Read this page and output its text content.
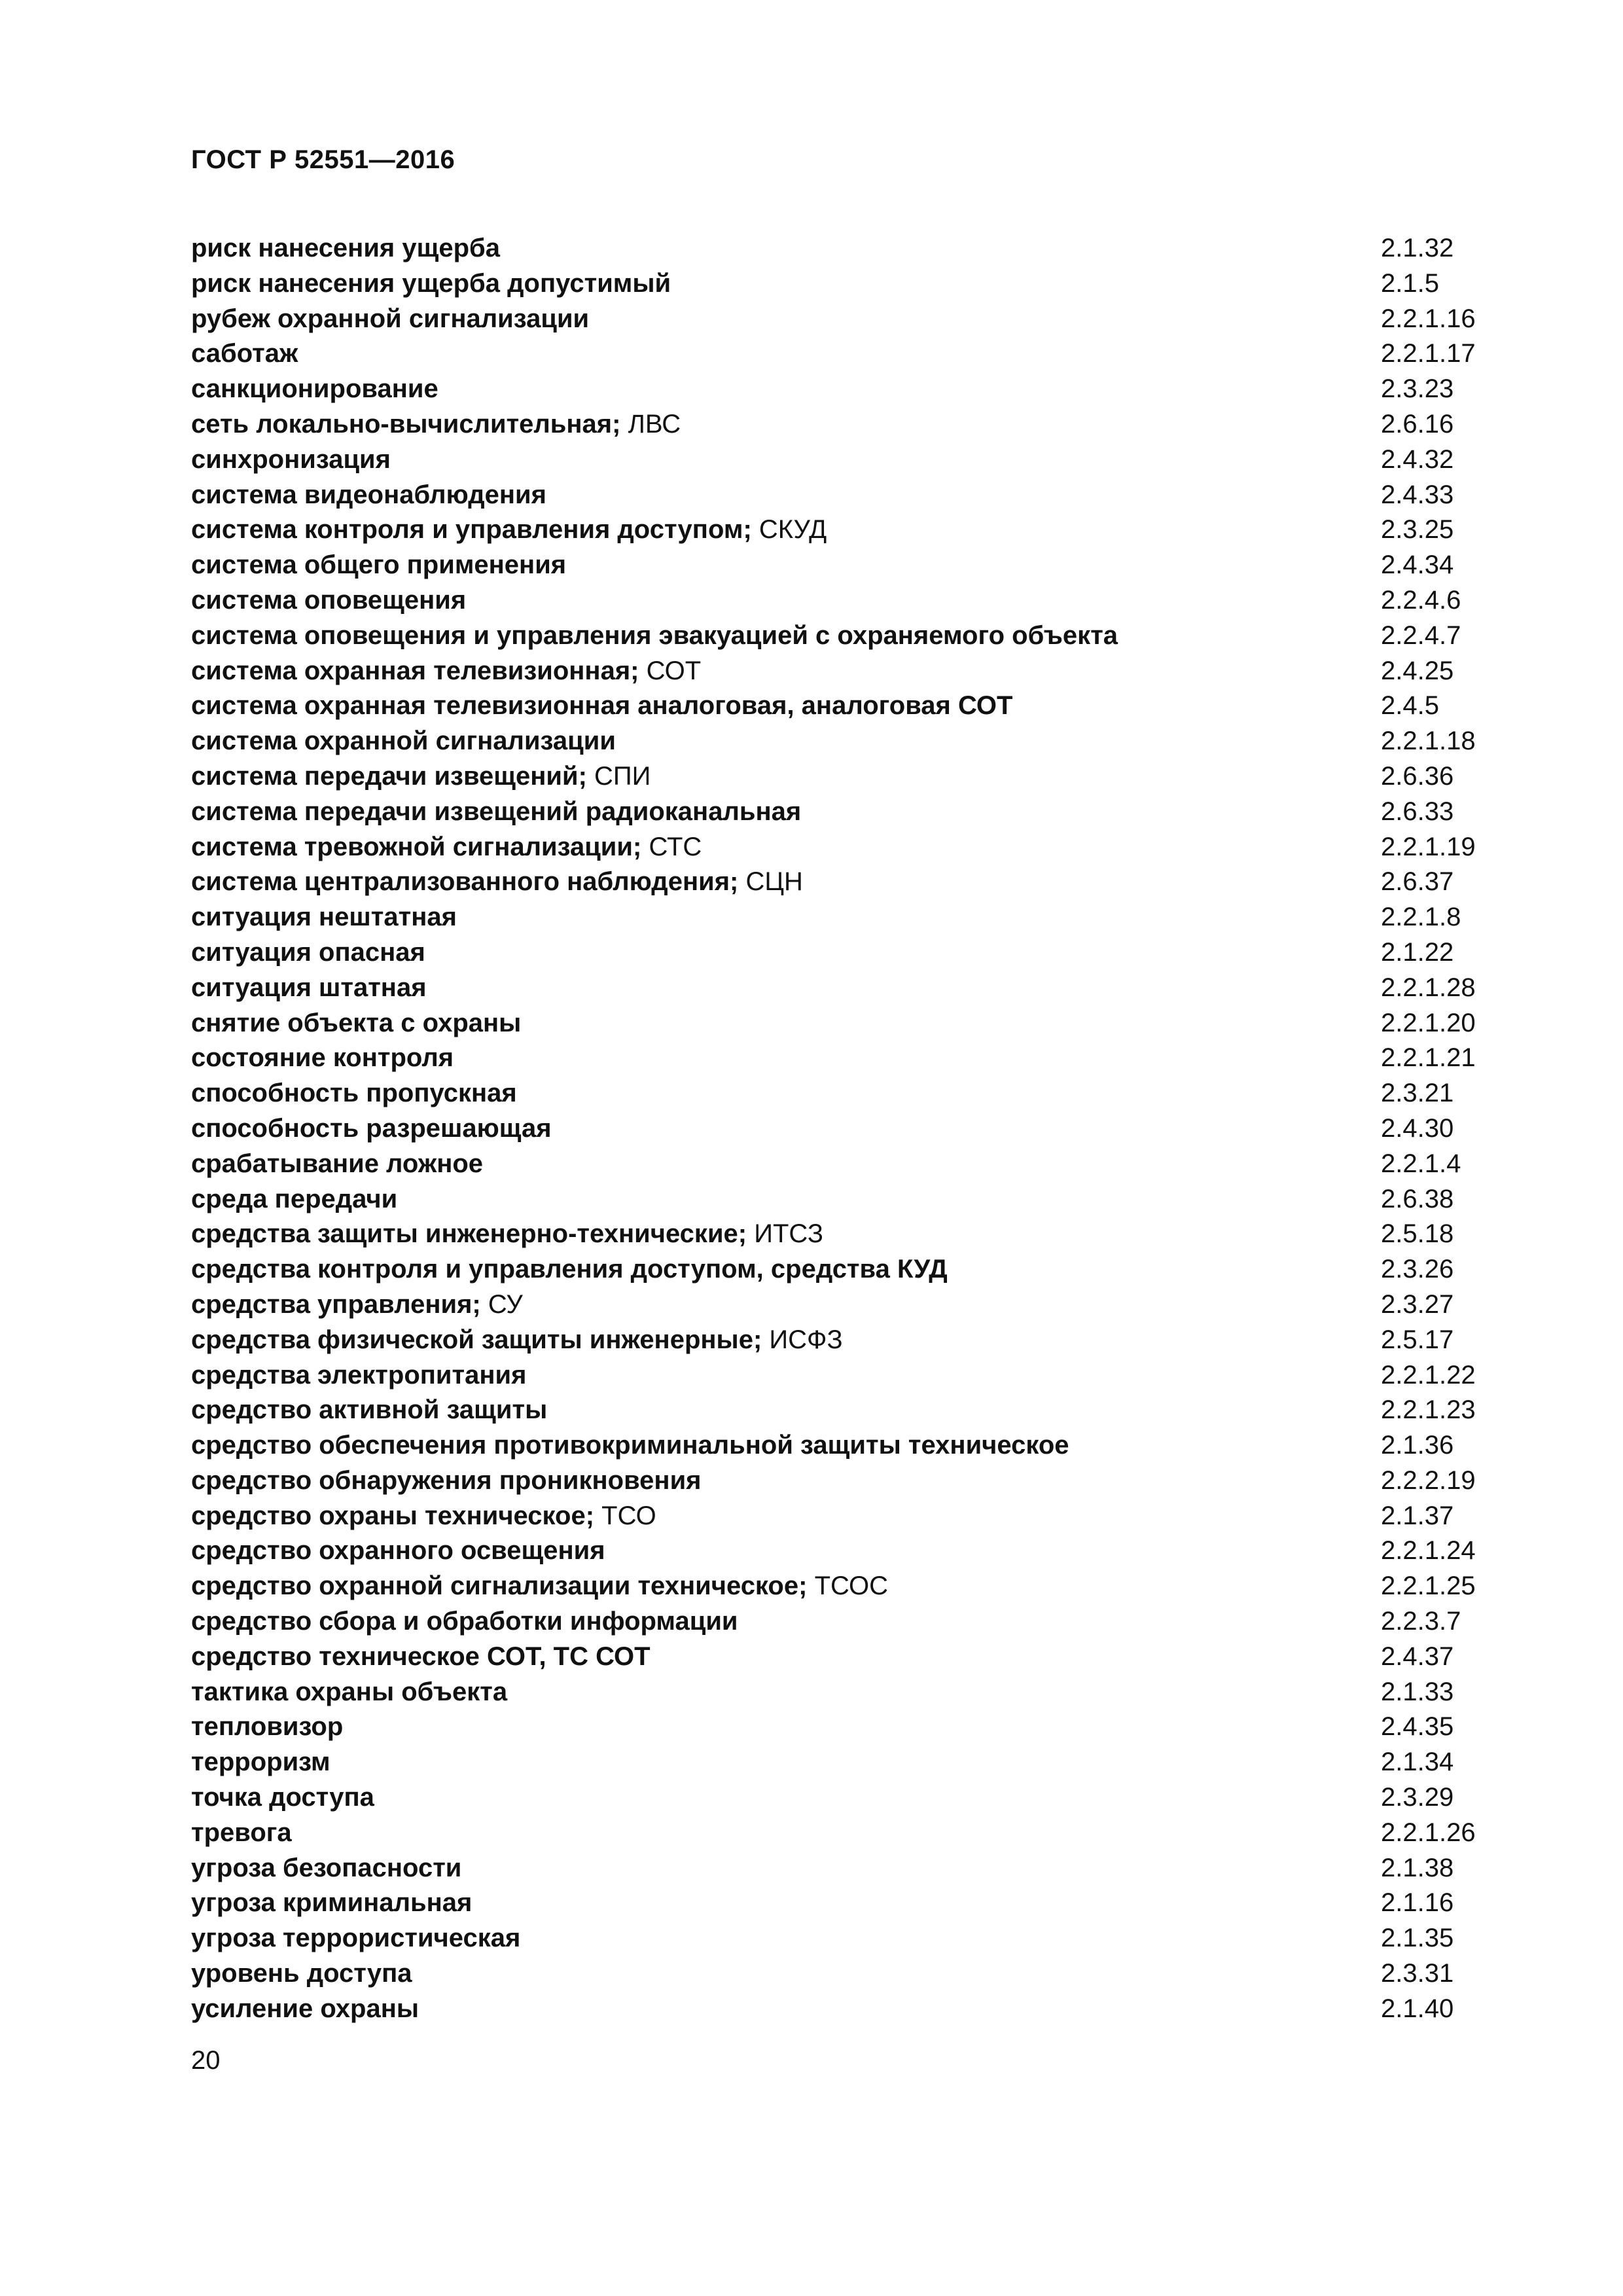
ГОСТ Р 52551—2016
риск нанесения ущерба	2.1.32
риск нанесения ущерба допустимый	2.1.5
рубеж охранной сигнализации	2.2.1.16
саботаж	2.2.1.17
санкционирование	2.3.23
сеть локально-вычислительная; ЛВС	2.6.16
синхронизация	2.4.32
система видеонаблюдения	2.4.33
система контроля и управления доступом; СКУД	2.3.25
система общего применения	2.4.34
система оповещения	2.2.4.6
система оповещения и управления эвакуацией с охраняемого объекта	2.2.4.7
система охранная телевизионная; СОТ	2.4.25
система охранная телевизионная аналоговая, аналоговая СОТ	2.4.5
система охранной сигнализации	2.2.1.18
система передачи извещений; СПИ	2.6.36
система передачи извещений радиоканальная	2.6.33
система тревожной сигнализации; СТС	2.2.1.19
система централизованного наблюдения; СЦН	2.6.37
ситуация нештатная	2.2.1.8
ситуация опасная	2.1.22
ситуация штатная	2.2.1.28
снятие объекта с охраны	2.2.1.20
состояние контроля	2.2.1.21
способность пропускная	2.3.21
способность разрешающая	2.4.30
срабатывание ложное	2.2.1.4
среда передачи	2.6.38
средства защиты инженерно-технические; ИТСЗ	2.5.18
средства контроля и управления доступом, средства КУД	2.3.26
средства управления; СУ	2.3.27
средства физической защиты инженерные; ИСФЗ	2.5.17
средства электропитания	2.2.1.22
средство активной защиты	2.2.1.23
средство обеспечения противокриминальной защиты техническое	2.1.36
средство обнаружения проникновения	2.2.2.19
средство охраны техническое; ТСО	2.1.37
средство охранного освещения	2.2.1.24
средство охранной сигнализации техническое; ТСОС	2.2.1.25
средство сбора и обработки информации	2.2.3.7
средство техническое СОТ, ТС СОТ	2.4.37
тактика охраны объекта	2.1.33
тепловизор	2.4.35
терроризм	2.1.34
точка доступа	2.3.29
тревога	2.2.1.26
угроза безопасности	2.1.38
угроза криминальная	2.1.16
угроза террористическая	2.1.35
уровень доступа	2.3.31
усиление охраны	2.1.40
20
